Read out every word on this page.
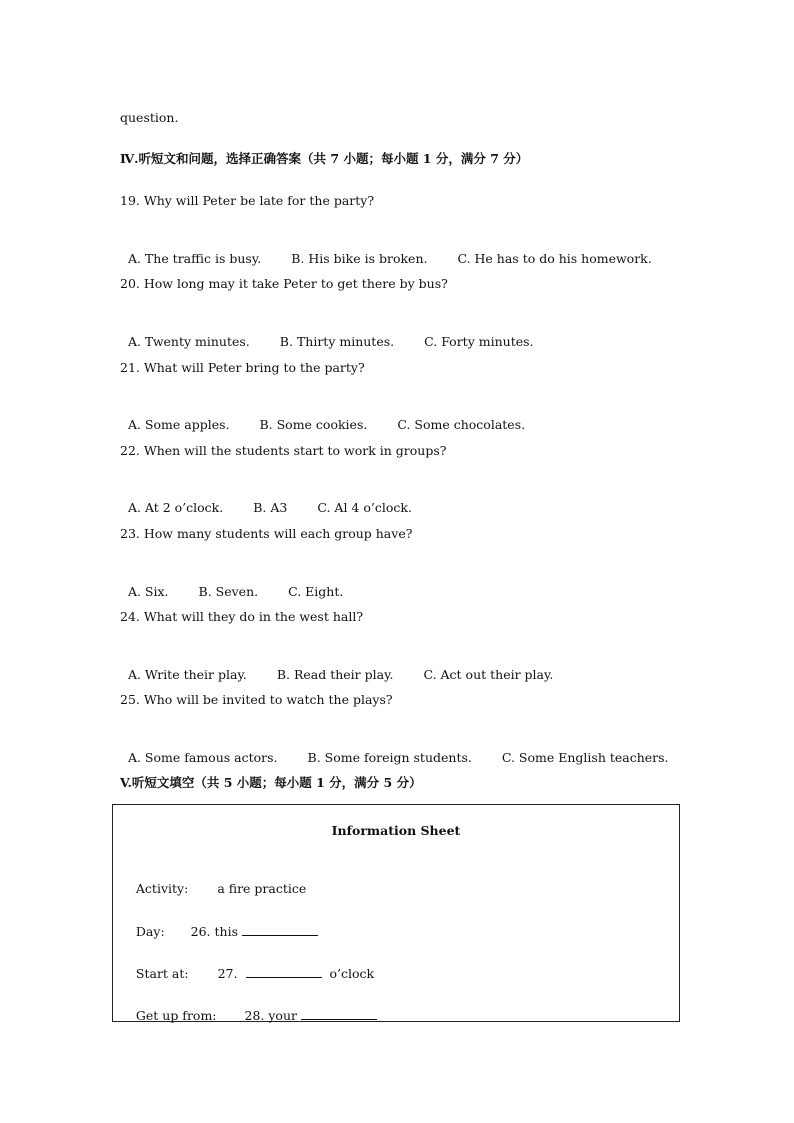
question.
Ⅳ.听短文和问题，选择正确答案（共 7 小题；每小题 1 分，满分 7 分）
19. Why will Peter be late for the party?

A. The traffic is busy. B. His bike is broken. C. He has to do his homework.

20. How long may it take Peter to get there by bus?

A. Twenty minutes. B. Thirty minutes. C. Forty minutes.

21. What will Peter bring to the party?

A. Some apples. B. Some cookies. C. Some chocolates.

22. When will the students start to work in groups?

A. At 2 o’clock. B. A3 C. Al 4 o’clock.

23. How many students will each group have?

A. Six. B. Seven. C. Eight.

24. What will they do in the west hall?

A. Write their play. B. Read their play. C. Act out their play.

25. Who will be invited to watch the plays?

A. Some famous actors. B. Some foreign students. C. Some English teachers.

V.听短文填空（共 5 小题；每小题 1 分，满分 5 分）
Information Sheet

Activity: a fire practice

Day: 26. this

Start at: 27.	o’clock

Get up from: 28. your
